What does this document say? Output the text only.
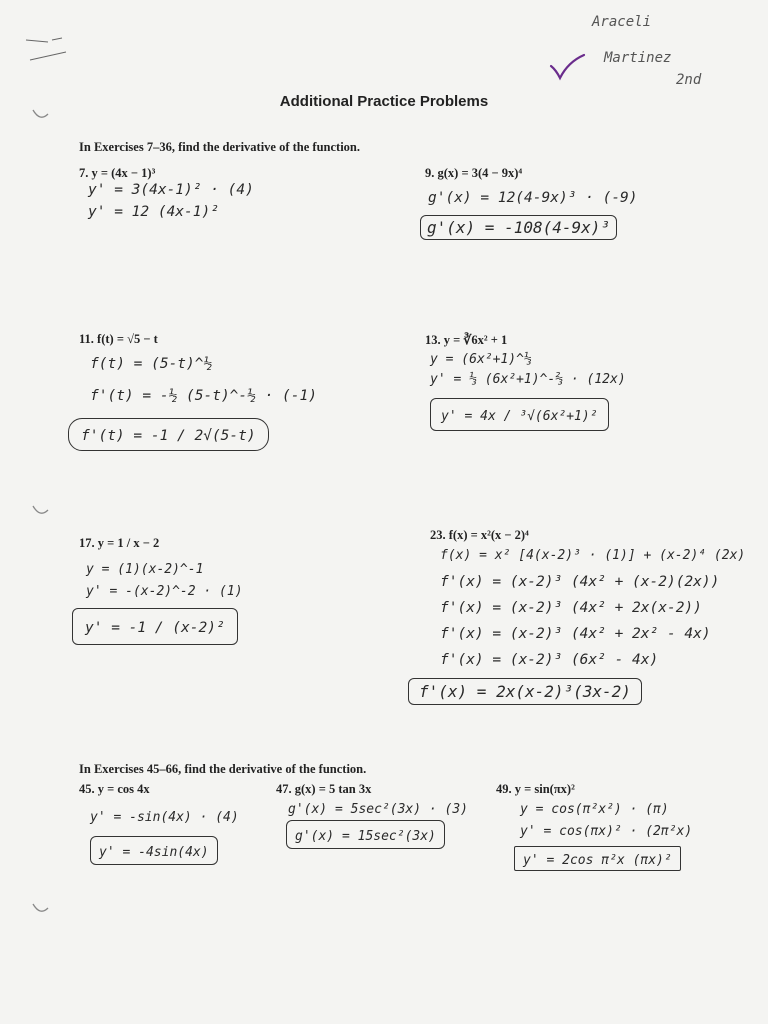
Araceli
Martinez
2nd
Additional Practice Problems
In Exercises 7–36, find the derivative of the function.
7. y = (4x − 1)³
y' = 3(4x-1)² · (4)
y' = 12 (4x-1)²
9. g(x) = 3(4 − 9x)⁴
g'(x) = 12(4-9x)³ · (-9)
g'(x) = -108(4-9x)³
11. f(t) = √5 − t
f(t) = (5-t)^½
f'(t) = -½ (5-t)^-½ · (-1)
f'(t) = -1 / 2√(5-t)
13. y = ∛6x² + 1
y = (6x²+1)^⅓
y' = ⅓ (6x²+1)^-⅔ · (12x)
y' = 4x / ³√(6x²+1)²
17. y = 1 / x − 2
y = (1)(x-2)^-1
y' = -(x-2)^-2 · (1)
y' = -1 / (x-2)²
23. f(x) = x²(x − 2)⁴
f(x) = x² [4(x-2)³ · (1)] + (x-2)⁴ (2x)
f'(x) = (x-2)³ (4x² + (x-2)(2x))
f'(x) = (x-2)³ (4x² + 2x(x-2))
f'(x) = (x-2)³ (4x² + 2x² - 4x)
f'(x) = (x-2)³ (6x² - 4x)
f'(x) = 2x(x-2)³(3x-2)
In Exercises 45–66, find the derivative of the function.
45. y = cos 4x
y' = -sin(4x) · (4)
y' = -4sin(4x)
47. g(x) = 5 tan 3x
g'(x) = 5sec²(3x) · (3)
g'(x) = 15sec²(3x)
49. y = sin(πx)²
y = cos(π²x²) · (π)
y' = cos(πx)² · (2π²x)
y' = 2cos π²x (πx)²
